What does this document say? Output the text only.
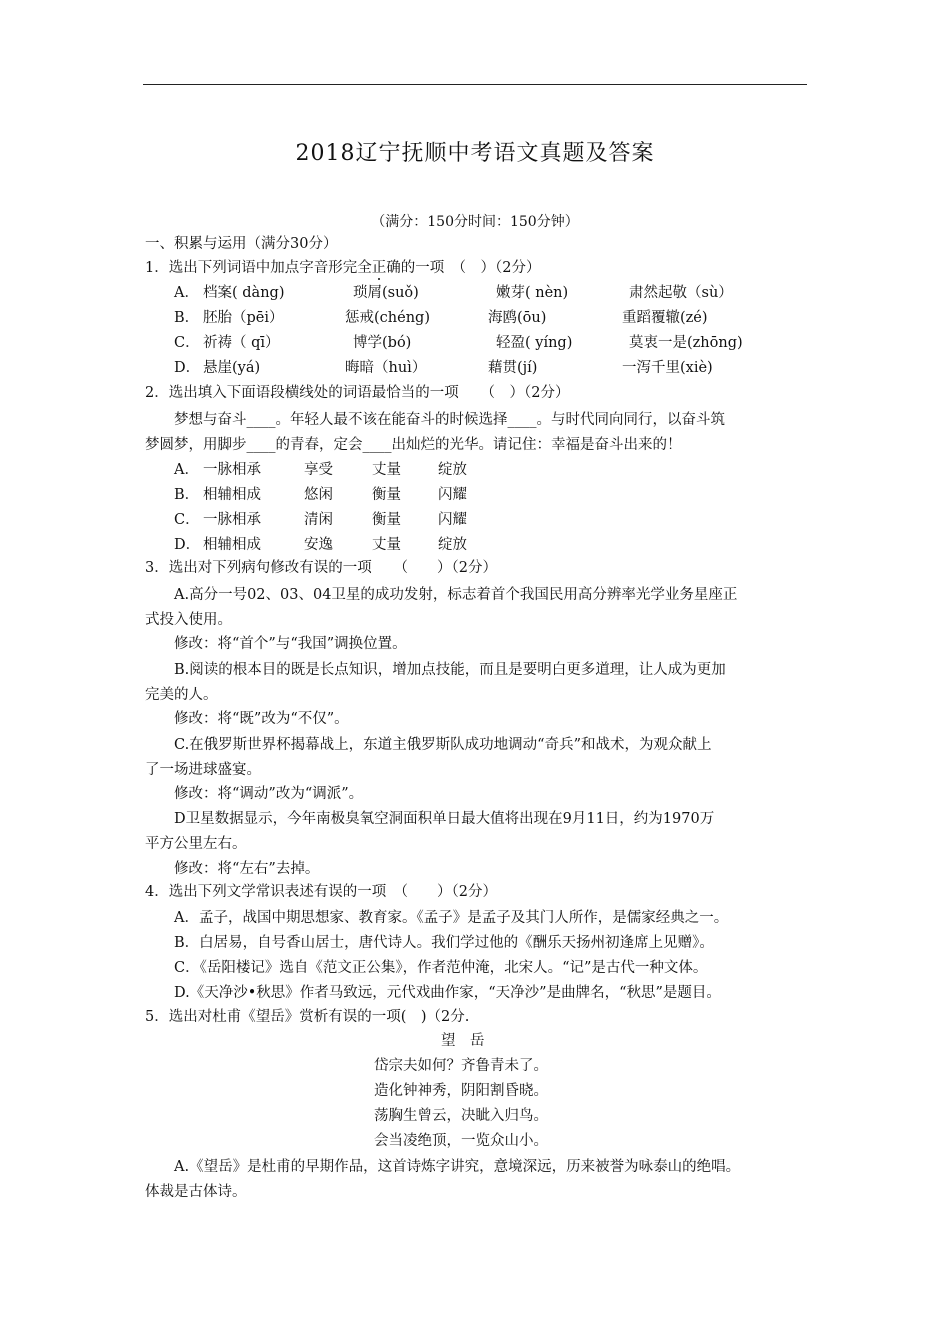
2018辽宁抚顺中考语文真题及答案
（满分：150分时间：150分钟）
一、积累与运用（满分30分）
1．选出下列词语中加点字音形完全正确的一项　（　）（2分）
A． 档案( dàng)	琐屑(suǒ)	嫩芽( nèn)	肃然起敬（sù）
B． 胚胎（pēi）	惩戒(chéng)	海鸥(ōu)	重蹈覆辙(zé)
C． 祈祷（ qī）	博学(bó)	轻盈( yíng)	莫衷一是(zhōng)
D． 悬崖(yá)	晦暗（huì）	藉贯(jí)	一泻千里(xiè)
2．选出填入下面语段横线处的词语最恰当的一项　　（　）（2分）
梦想与奋斗____。年轻人最不该在能奋斗的时候选择____。与时代同向同行，以奋斗筑
梦圆梦，用脚步____的青春，定会____出灿烂的光华。请记住：幸福是奋斗出来的！
A． 一脉相承	享受	丈量	绽放
B． 相辅相成	悠闲	衡量	闪耀
C． 一脉相承	清闲	衡量	闪耀
D． 相辅相成	安逸	丈量	绽放
3．选出对下列病句修改有误的一项　　（　　）（2分）
A.高分一号02、03、04卫星的成功发射，标志着首个我国民用高分辨率光学业务星座正
式投入使用。
修改：将“首个”与“我国”调换位置。
B.阅读的根本目的既是长点知识，增加点技能，而且是要明白更多道理，让人成为更加
完美的人。
修改：将“既”改为“不仅”。
C.在俄罗斯世界杯揭幕战上，东道主俄罗斯队成功地调动“奇兵”和战术，为观众献上
了一场进球盛宴。
修改：将“调动”改为“调派”。
D卫星数据显示，今年南极臭氧空洞面积单日最大值将出现在9月11日，约为1970万
平方公里左右。
修改：将“左右”去掉。
4．选出下列文学常识表述有误的一项　（　　）（2分）
A．孟子，战国中期思想家、教育家。《孟子》是孟子及其门人所作，是儒家经典之一。
B．白居易，自号香山居士，唐代诗人。我们学过他的《酬乐天扬州初逢席上见赠》。
C．《岳阳楼记》选自《范文正公集》，作者范仲淹，北宋人。“记”是古代一种文体。
D.《天净沙•秋思》作者马致远，元代戏曲作家，“天净沙”是曲牌名，“秋思”是题目。
5．选出对杜甫《望岳》赏析有误的一项(　)（2分.
望　岳
岱宗夫如何？齐鲁青未了。
造化钟神秀，阴阳割昏晓。
荡胸生曾云，决眦入归鸟。
会当凌绝顶，一览众山小。
A.《望岳》是杜甫的早期作品，这首诗炼字讲究，意境深远，历来被誉为咏泰山的绝唱。
体裁是古体诗。
